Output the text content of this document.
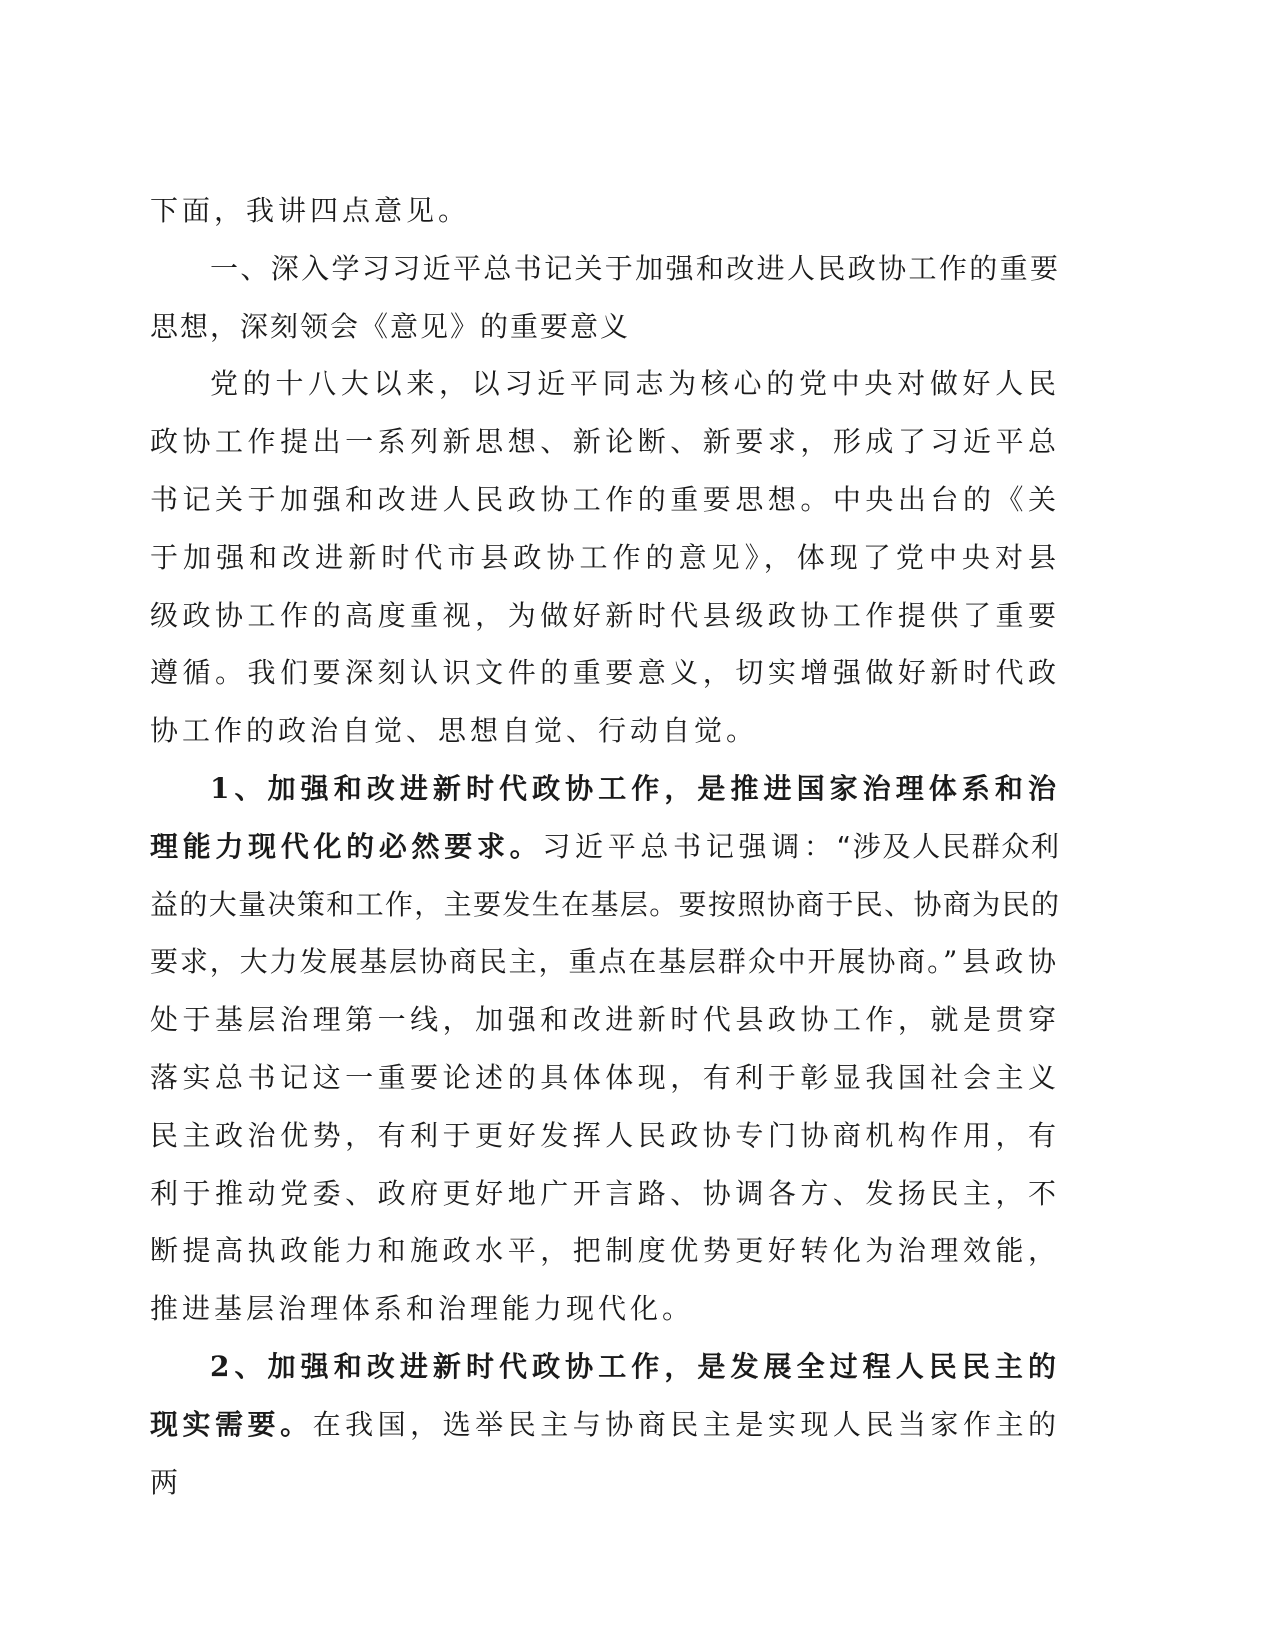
下面，我讲四点意见。

一、深入学习习近平总书记关于加强和改进人民政协工作的重要思想，深刻领会《意见》的重要意义

党的十八大以来，以习近平同志为核心的党中央对做好人民政协工作提出一系列新思想、新论断、新要求，形成了习近平总书记关于加强和改进人民政协工作的重要思想。中央出台的《关于加强和改进新时代市县政协工作的意见》，体现了党中央对县级政协工作的高度重视，为做好新时代县级政协工作提供了重要遵循。我们要深刻认识文件的重要意义，切实增强做好新时代政协工作的政治自觉、思想自觉、行动自觉。

1、加强和改进新时代政协工作，是推进国家治理体系和治理能力现代化的必然要求。习近平总书记强调：“涉及人民群众利益的大量决策和工作，主要发生在基层。要按照协商于民、协商为民的要求，大力发展基层协商民主，重点在基层群众中开展协商。”县政协处于基层治理第一线，加强和改进新时代县政协工作，就是贯穿落实总书记这一重要论述的具体体现，有利于彰显我国社会主义民主政治优势，有利于更好发挥人民政协专门协商机构作用，有利于推动党委、政府更好地广开言路、协调各方、发扬民主，不断提高执政能力和施政水平，把制度优势更好转化为治理效能，推进基层治理体系和治理能力现代化。

2、加强和改进新时代政协工作，是发展全过程人民民主的现实需要。在我国，选举民主与协商民主是实现人民当家作主的两
